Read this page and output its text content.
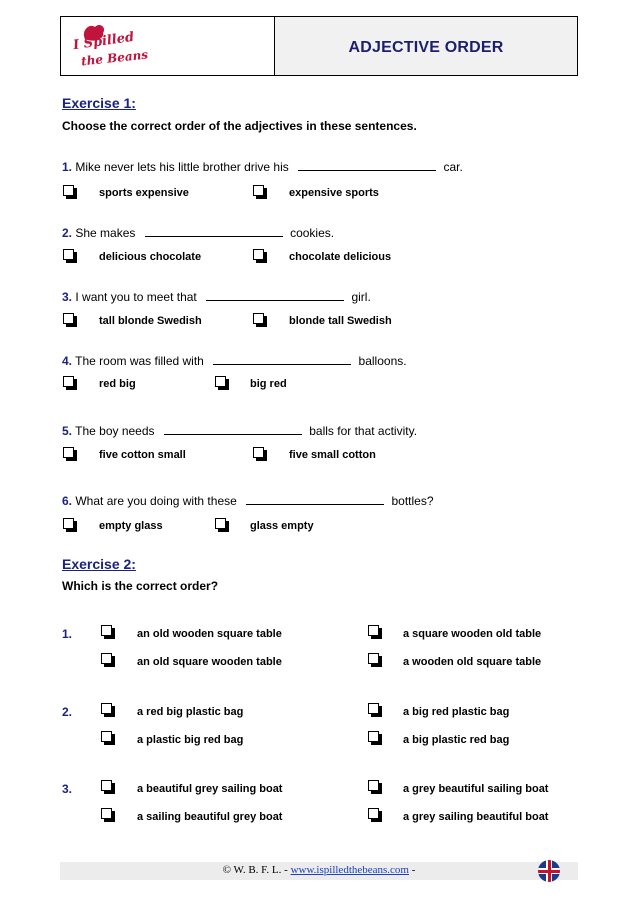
I Spilled
the Beans
ADJECTIVE ORDER
Exercise 1:
Choose the correct order of the adjectives in these sentences.
1. Mike never lets his little brother drive his	car.
sports expensive	expensive sports
2. She makes	cookies.
delicious chocolate	chocolate delicious
3. I want you to meet that	girl.
tall blonde Swedish	blonde tall Swedish
4. The room was filled with	balloons.
red big	big red
5. The boy needs	balls for that activity.
five cotton small	five small cotton
6. What are you doing with these	bottles?
empty glass	glass empty
Exercise 2:
Which is the correct order?
1.	an old wooden square table	a square wooden old table
an old square wooden table	a wooden old square table
2.	a red big plastic bag	a big red plastic bag
a plastic big red bag	a big plastic red bag
3.	a beautiful grey sailing boat	a grey beautiful sailing boat
a sailing beautiful grey boat	a grey sailing beautiful boat
© W. B. F. L. - www.ispilledthebeans.com -
